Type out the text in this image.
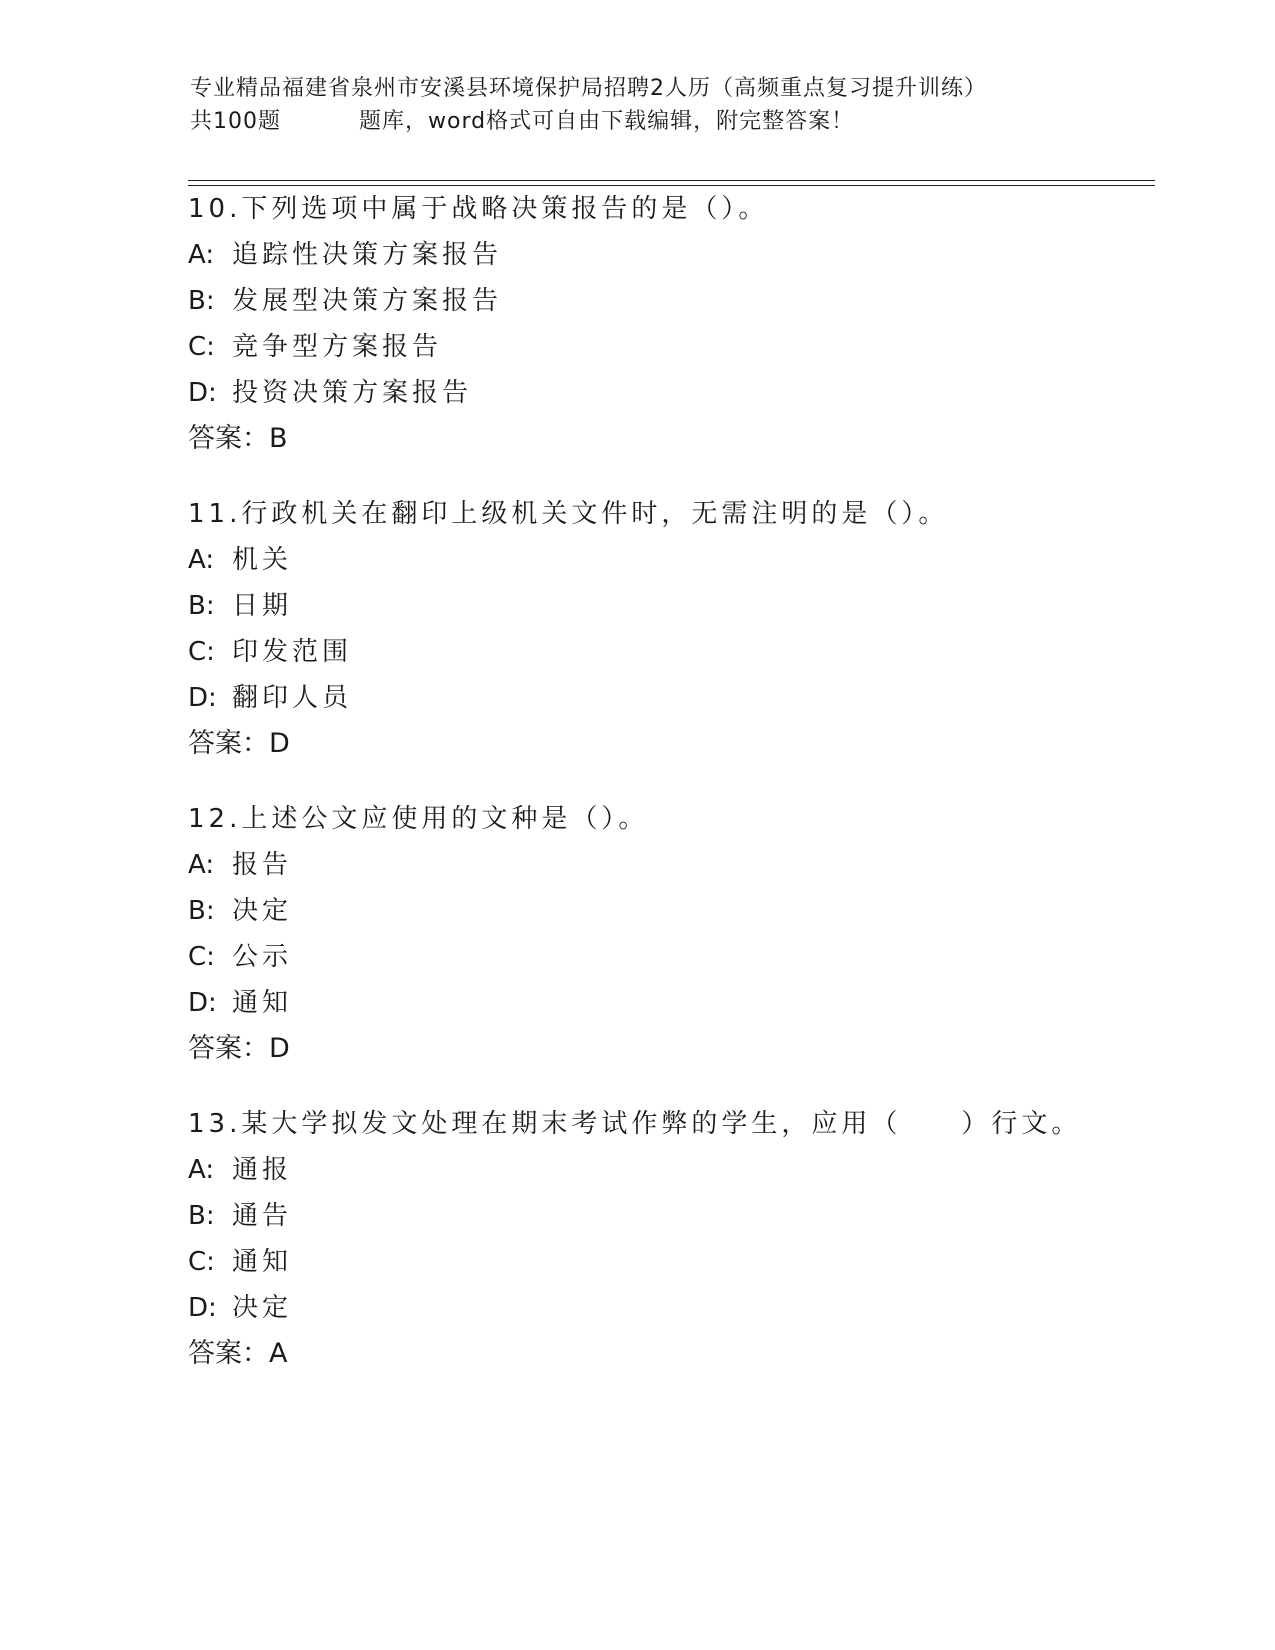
专业精品福建省泉州市安溪县环境保护局招聘2人历（高频重点复习提升训练）
共100题	题库，word格式可自由下载编辑，附完整答案！
10.下列选项中属于战略决策报告的是（）。
A: 追踪性决策方案报告
B: 发展型决策方案报告
C: 竞争型方案报告
D: 投资决策方案报告
答案：B
11.行政机关在翻印上级机关文件时，无需注明的是（）。
A: 机关
B: 日期
C: 印发范围
D: 翻印人员
答案：D
12.上述公文应使用的文种是（）。
A: 报告
B: 决定
C: 公示
D: 通知
答案：D
13.某大学拟发文处理在期末考试作弊的学生，应用（　　）行文。
A: 通报
B: 通告
C: 通知
D: 决定
答案：A
